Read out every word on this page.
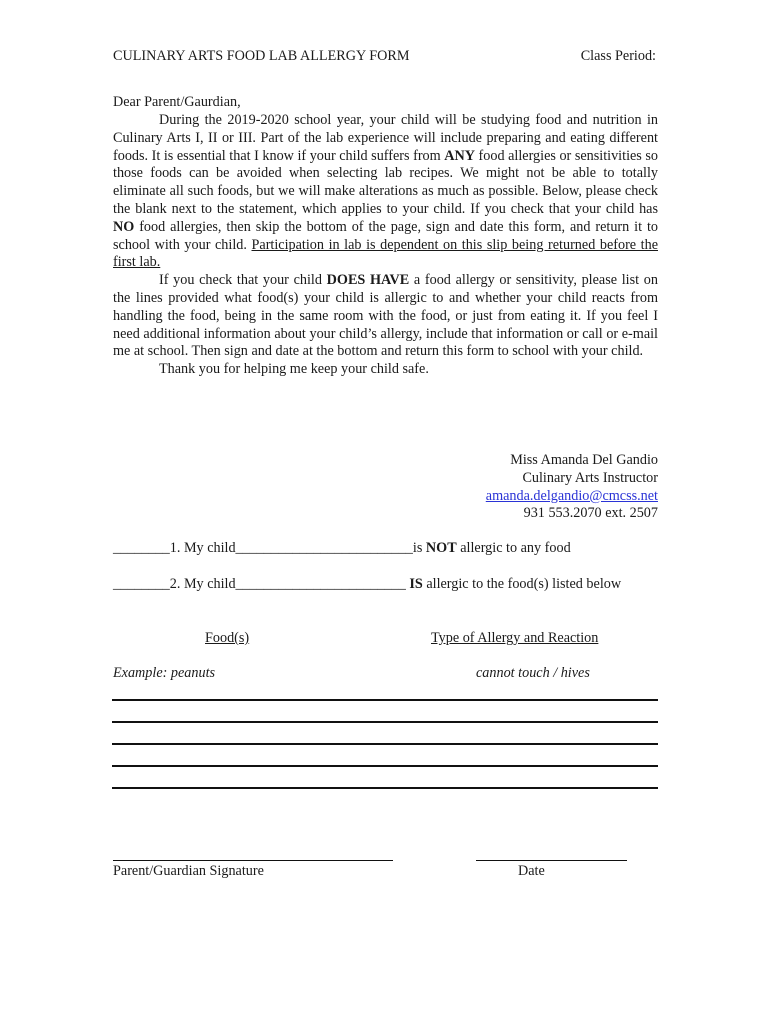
CULINARY ARTS FOOD LAB ALLERGY FORM	Class Period:
Dear Parent/Gaurdian,

During the 2019-2020 school year, your child will be studying food and nutrition in Culinary Arts I, II or III. Part of the lab experience will include preparing and eating different foods. It is essential that I know if your child suffers from ANY food allergies or sensitivities so those foods can be avoided when selecting lab recipes. We might not be able to totally eliminate all such foods, but we will make alterations as much as possible. Below, please check the blank next to the statement, which applies to your child. If you check that your child has NO food allergies, then skip the bottom of the page, sign and date this form, and return it to school with your child. Participation in lab is dependent on this slip being returned before the first lab.

If you check that your child DOES HAVE a food allergy or sensitivity, please list on the lines provided what food(s) your child is allergic to and whether your child reacts from handling the food, being in the same room with the food, or just from eating it. If you feel I need additional information about your child’s allergy, include that information or call or e-mail me at school. Then sign and date at the bottom and return this form to school with your child.

Thank you for helping me keep your child safe.

Miss Amanda Del Gandio
Culinary Arts Instructor
amanda.delgandio@cmcss.net
931 553.2070 ext. 2507
________1. My child_________________________is NOT allergic to any food
________2. My child________________________ IS allergic to the food(s) listed below
Food(s)	Type of Allergy and Reaction
Example: peanuts	cannot touch / hives
Parent/Guardian Signature	Date
